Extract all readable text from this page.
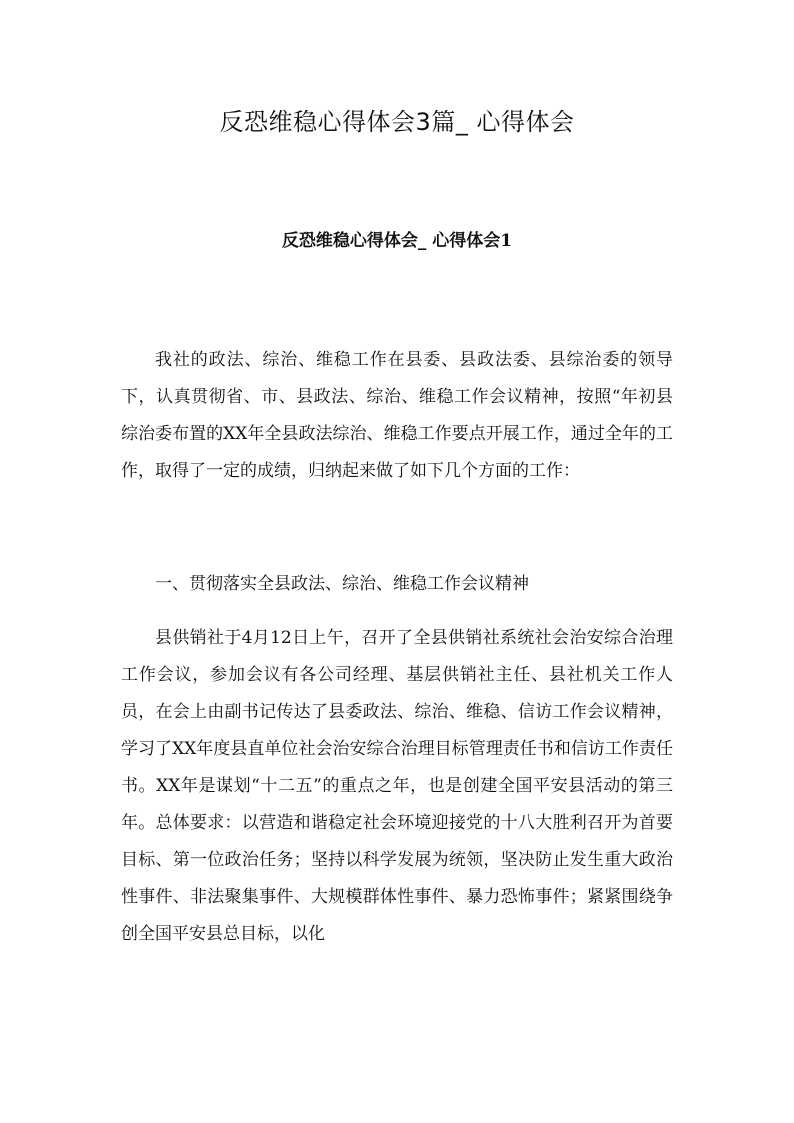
反恐维稳心得体会3篇_ 心得体会
反恐维稳心得体会_ 心得体会1

我社的政法、综治、维稳工作在县委、县政法委、县综治委的领导下，认真贯彻省、市、县政法、综治、维稳工作会议精神，按照“年初县综治委布置的XX年全县政法综治、维稳工作要点开展工作，通过全年的工作，取得了一定的成绩，归纳起来做了如下几个方面的工作：

一、贯彻落实全县政法、综治、维稳工作会议精神

县供销社于4月12日上午，召开了全县供销社系统社会治安综合治理工作会议，参加会议有各公司经理、基层供销社主任、县社机关工作人员，在会上由副书记传达了县委政法、综治、维稳、信访工作会议精神，学习了XX年度县直单位社会治安综合治理目标管理责任书和信访工作责任书。XX年是谋划“十二五”的重点之年，也是创建全国平安县活动的第三年。总体要求：以营造和谐稳定社会环境迎接党的十八大胜利召开为首要目标、第一位政治任务；坚持以科学发展为统领，坚决防止发生重大政治性事件、非法聚集事件、大规模群体性事件、暴力恐怖事件；紧紧围绕争创全国平安县总目标，以化
